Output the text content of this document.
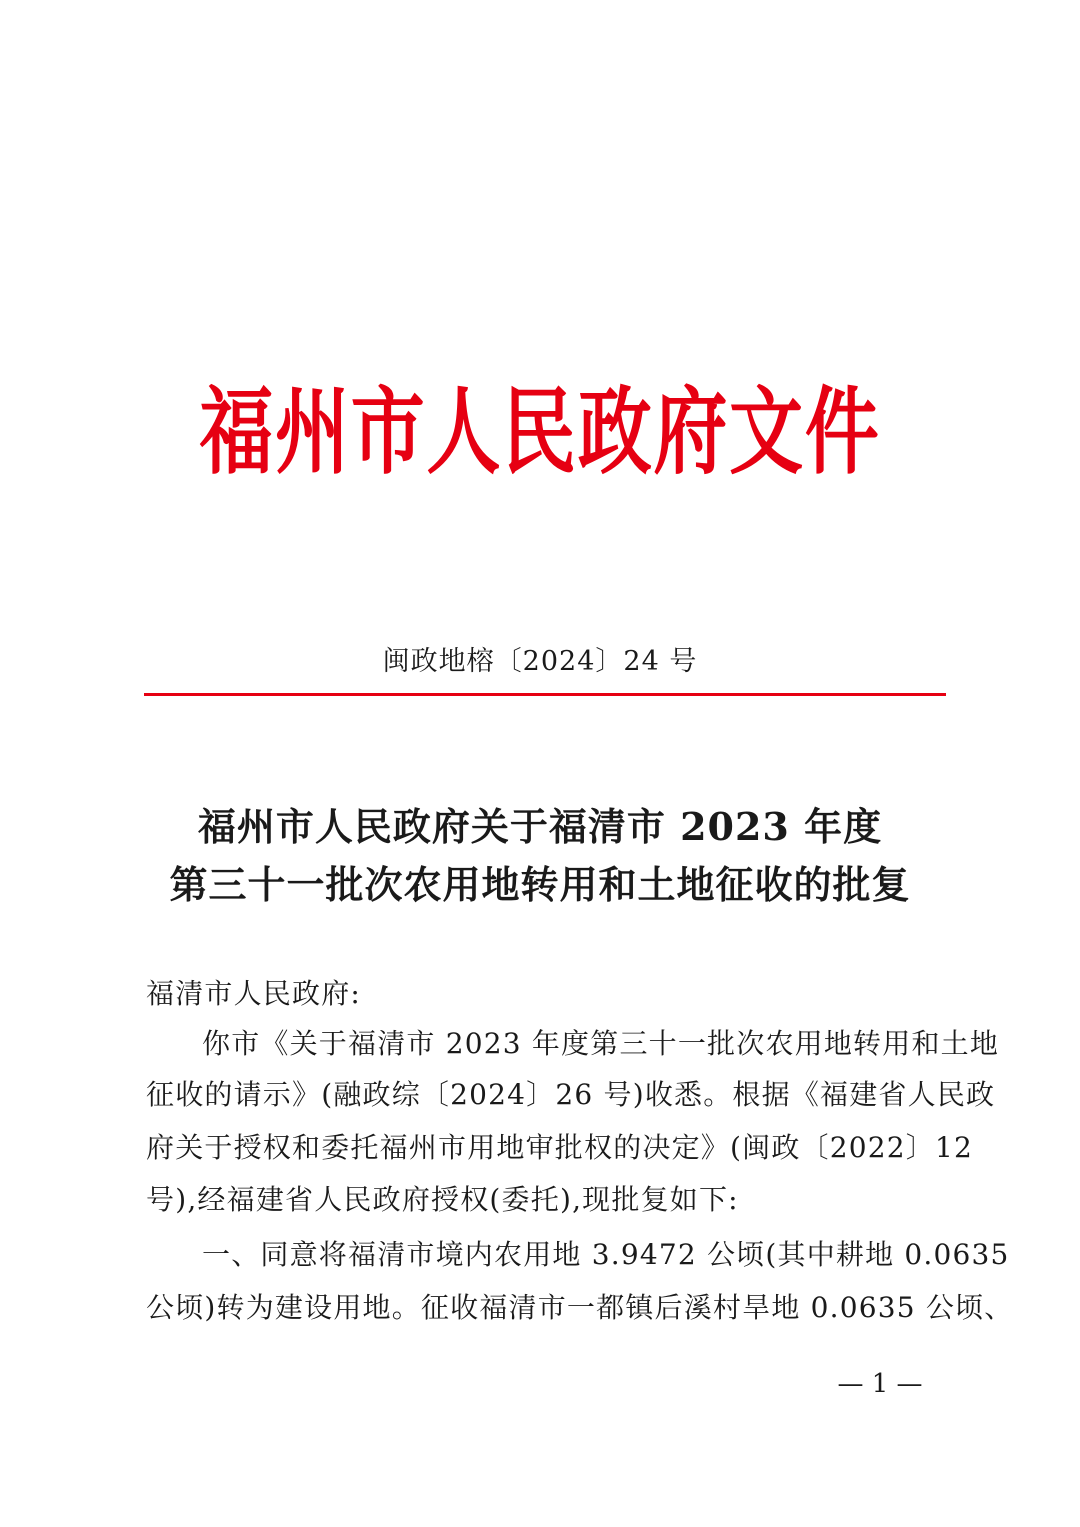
福州市人民政府文件
闽政地榕〔2024〕24 号
福州市人民政府关于福清市 2023 年度
第三十一批次农用地转用和土地征收的批复
福清市人民政府:
你市《关于福清市 2023 年度第三十一批次农用地转用和土地
征收的请示》(融政综〔2024〕26 号)收悉。根据《福建省人民政
府关于授权和委托福州市用地审批权的决定》(闽政〔2022〕12
号),经福建省人民政府授权(委托),现批复如下:
一、同意将福清市境内农用地 3.9472 公顷(其中耕地 0.0635
公顷)转为建设用地。征收福清市一都镇后溪村旱地 0.0635 公顷、
— 1 —
